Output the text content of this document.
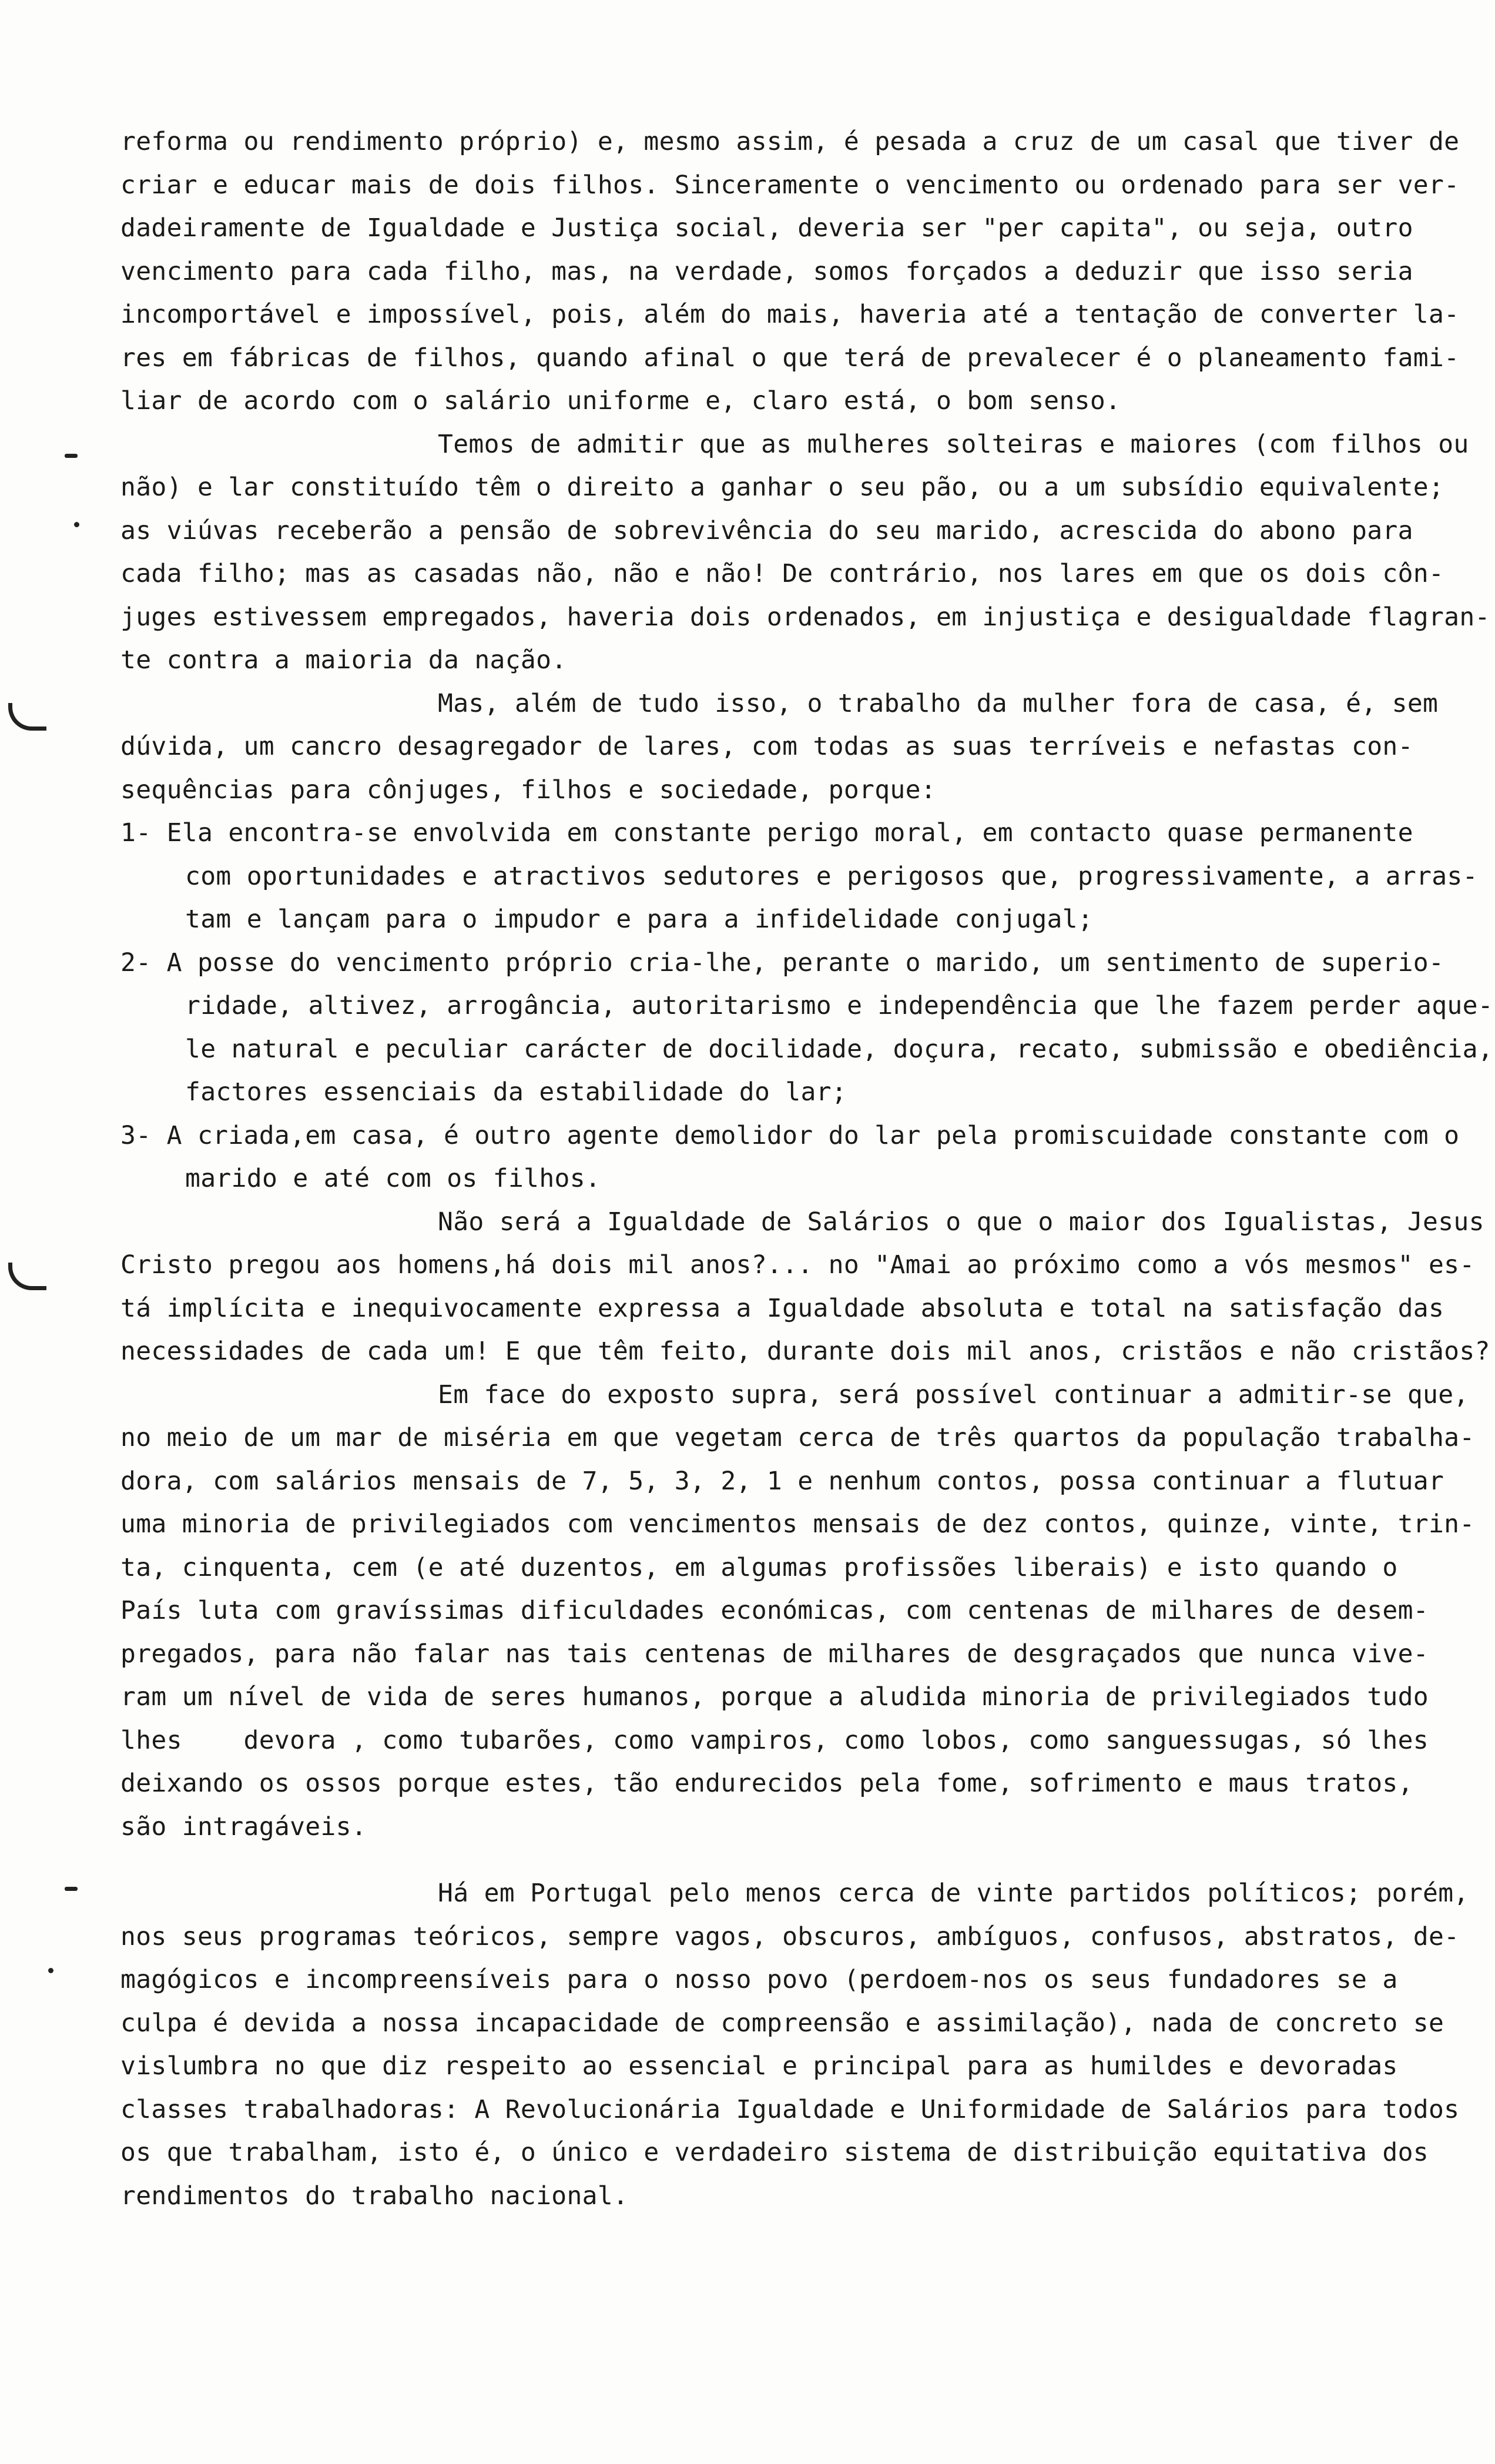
reforma ou rendimento próprio) e, mesmo assim, é pesada a cruz de um casal que tiver de
criar e educar mais de dois filhos. Sinceramente o vencimento ou ordenado para ser ver-
dadeiramente de Igualdade e Justiça social, deveria ser "per capita", ou seja, outro
vencimento para cada filho, mas, na verdade, somos forçados a deduzir que isso seria
incomportável e impossível, pois, além do mais, haveria até a tentação de converter la-
res em fábricas de filhos, quando afinal o que terá de prevalecer é o planeamento fami-
liar de acordo com o salário uniforme e, claro está, o bom senso.
Temos de admitir que as mulheres solteiras e maiores (com filhos ou
não) e lar constituído têm o direito a ganhar o seu pão, ou a um subsídio equivalente;
as viúvas receberão a pensão de sobrevivência do seu marido, acrescida do abono para
cada filho; mas as casadas não, não e não! De contrário, nos lares em que os dois côn-
juges estivessem empregados, haveria dois ordenados, em injustiça e desigualdade flagran-
te contra a maioria da nação.
Mas, além de tudo isso, o trabalho da mulher fora de casa, é, sem
dúvida, um cancro desagregador de lares, com todas as suas terríveis e nefastas con-
sequências para cônjuges, filhos e sociedade, porque:
1- Ela encontra-se envolvida em constante perigo moral, em contacto quase permanente
com oportunidades e atractivos sedutores e perigosos que, progressivamente, a arras-
tam e lançam para o impudor e para a infidelidade conjugal;
2- A posse do vencimento próprio cria-lhe, perante o marido, um sentimento de superio-
ridade, altivez, arrogância, autoritarismo e independência que lhe fazem perder aque-
le natural e peculiar carácter de docilidade, doçura, recato, submissão e obediência,
factores essenciais da estabilidade do lar;
3- A criada,em casa, é outro agente demolidor do lar pela promiscuidade constante com o
marido e até com os filhos.
Não será a Igualdade de Salários o que o maior dos Igualistas, Jesus
Cristo pregou aos homens,há dois mil anos?... no "Amai ao próximo como a vós mesmos" es-
tá implícita e inequivocamente expressa a Igualdade absoluta e total na satisfação das
necessidades de cada um! E que têm feito, durante dois mil anos, cristãos e não cristãos?
Em face do exposto supra, será possível continuar a admitir-se que,
no meio de um mar de miséria em que vegetam cerca de três quartos da população trabalha-
dora, com salários mensais de 7, 5, 3, 2, 1 e nenhum contos, possa continuar a flutuar
uma minoria de privilegiados com vencimentos mensais de dez contos, quinze, vinte, trin-
ta, cinquenta, cem (e até duzentos, em algumas profissões liberais) e isto quando o
País luta com gravíssimas dificuldades económicas, com centenas de milhares de desem-
pregados, para não falar nas tais centenas de milhares de desgraçados que nunca vive-
ram um nível de vida de seres humanos, porque a aludida minoria de privilegiados tudo
lhes    devora , como tubarões, como vampiros, como lobos, como sanguessugas, só lhes
deixando os ossos porque estes, tão endurecidos pela fome, sofrimento e maus tratos,
são intragáveis.
Há em Portugal pelo menos cerca de vinte partidos políticos; porém,
nos seus programas teóricos, sempre vagos, obscuros, ambíguos, confusos, abstratos, de-
magógicos e incompreensíveis para o nosso povo (perdoem-nos os seus fundadores se a
culpa é devida a nossa incapacidade de compreensão e assimilação), nada de concreto se
vislumbra no que diz respeito ao essencial e principal para as humildes e devoradas
classes trabalhadoras: A Revolucionária Igualdade e Uniformidade de Salários para todos
os que trabalham, isto é, o único e verdadeiro sistema de distribuição equitativa dos
rendimentos do trabalho nacional.
